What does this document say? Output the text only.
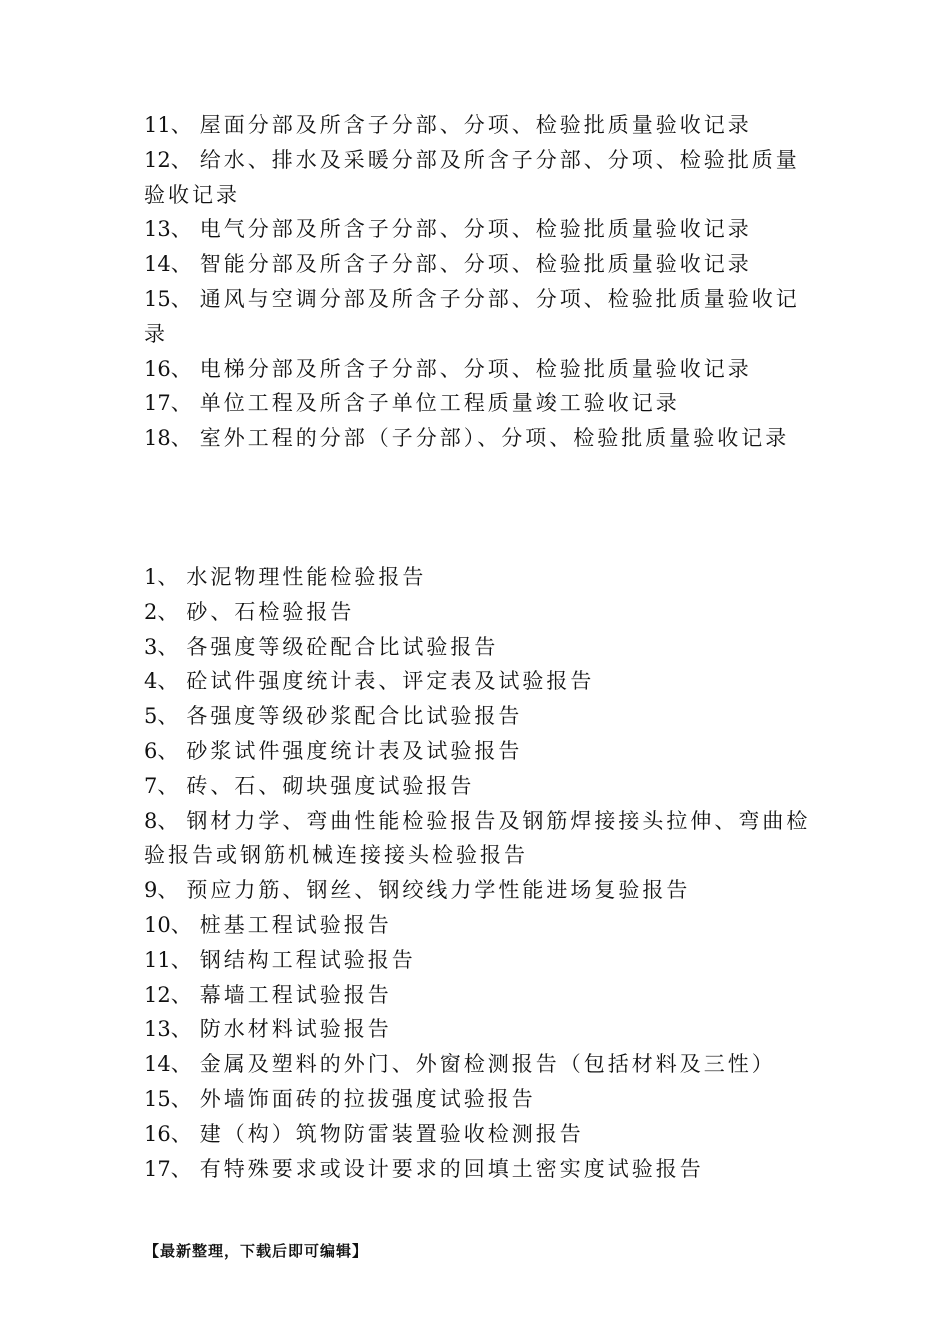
11、 屋面分部及所含子分部、分项、检验批质量验收记录
12、 给水、排水及采暖分部及所含子分部、分项、检验批质量验收记录
13、 电气分部及所含子分部、分项、检验批质量验收记录
14、 智能分部及所含子分部、分项、检验批质量验收记录
15、 通风与空调分部及所含子分部、分项、检验批质量验收记录
16、 电梯分部及所含子分部、分项、检验批质量验收记录
17、 单位工程及所含子单位工程质量竣工验收记录
18、 室外工程的分部（子分部）、分项、检验批质量验收记录
1、 水泥物理性能检验报告
2、 砂、石检验报告
3、 各强度等级砼配合比试验报告
4、 砼试件强度统计表、评定表及试验报告
5、 各强度等级砂浆配合比试验报告
6、 砂浆试件强度统计表及试验报告
7、 砖、石、砌块强度试验报告
8、 钢材力学、弯曲性能检验报告及钢筋焊接接头拉伸、弯曲检验报告或钢筋机械连接接头检验报告
9、 预应力筋、钢丝、钢绞线力学性能进场复验报告
10、 桩基工程试验报告
11、 钢结构工程试验报告
12、 幕墙工程试验报告
13、 防水材料试验报告
14、 金属及塑料的外门、外窗检测报告（包括材料及三性）
15、 外墙饰面砖的拉拔强度试验报告
16、 建（构）筑物防雷装置验收检测报告
17、 有特殊要求或设计要求的回填土密实度试验报告
【最新整理，下载后即可编辑】
